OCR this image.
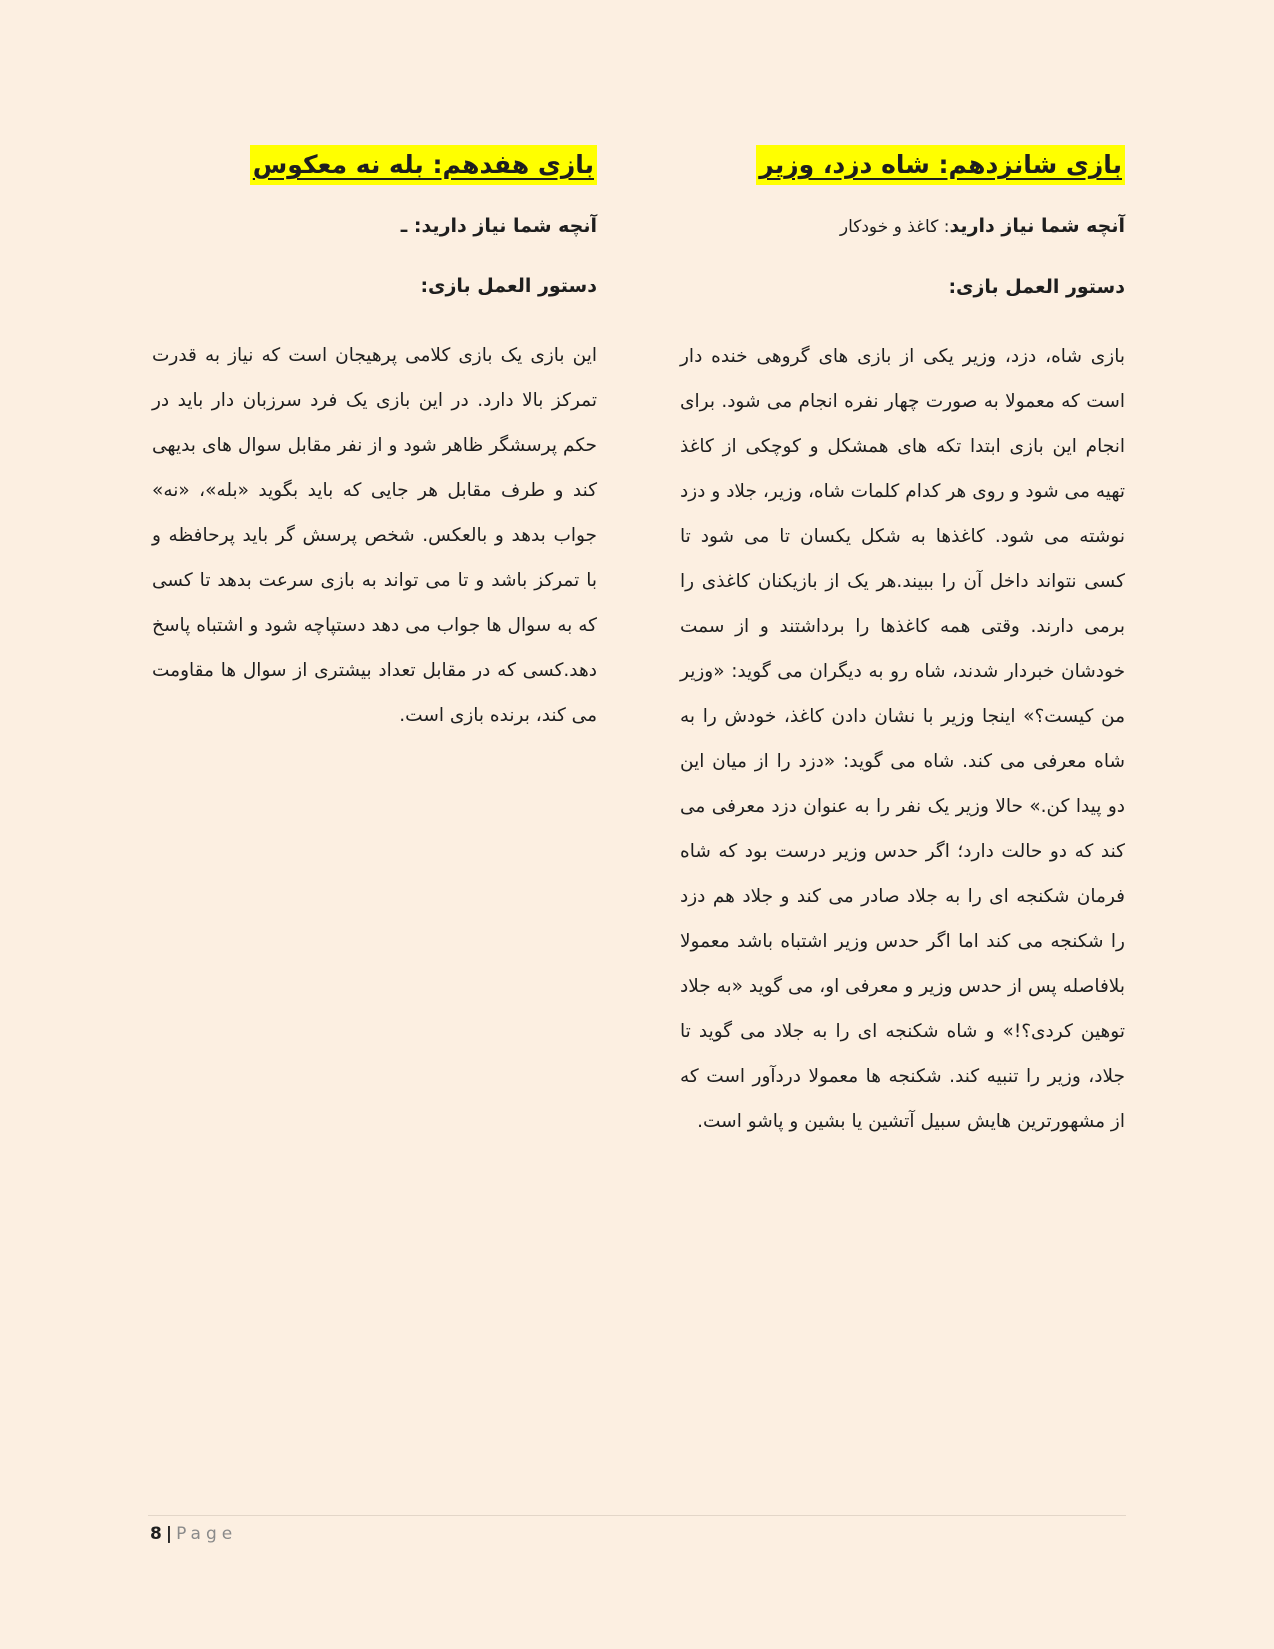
بازی شانزدهم: شاه دزد، وزیر
آنچه شما نیاز دارید: کاغذ و خودکار
دستور العمل بازی:

بازی شاه، دزد، وزیر یکی از بازی های گروهی خنده دار است که معمولا به صورت چهار نفره انجام می شود. برای انجام این بازی ابتدا تکه های همشکل و کوچکی از کاغذ تهیه می شود و روی هر کدام کلمات شاه، وزیر، جلاد و دزد نوشته می شود. کاغذها به شکل یکسان تا می شود تا کسی نتواند داخل آن را ببیند.هر یک از بازیکنان کاغذی را برمی دارند. وقتی همه کاغذها را برداشتند و از سمت خودشان خبردار شدند، شاه رو به دیگران می گوید: «وزیر من کیست؟» اینجا وزیر با نشان دادن کاغذ، خودش را به شاه معرفی می کند. شاه می گوید: «دزد را از میان این دو پیدا کن.» حالا وزیر یک نفر را به عنوان دزد معرفی می کند که دو حالت دارد؛ اگر حدس وزیر درست بود که شاه فرمان شکنجه ای را به جلاد صادر می کند و جلاد هم دزد را شکنجه می کند اما اگر حدس وزیر اشتباه باشد معمولا بلافاصله پس از حدس وزیر و معرفی او، می گوید «به جلاد توهین کردی؟!» و شاه شکنجه ای را به جلاد می گوید تا جلاد، وزیر را تنبیه کند. شکنجه ها معمولا دردآور است که از مشهورترین هایش سبیل آتشین یا بشین و پاشو است.

بازی هفدهم: بله نه معکوس
آنچه شما نیاز دارید: ـ
دستور العمل بازی:

این بازی یک بازی کلامی پرهیجان است که نیاز به قدرت تمرکز بالا دارد. در این بازی یک فرد سرزبان دار باید در حکم پرسشگر ظاهر شود و از نفر مقابل سوال های بدیهی کند و طرف مقابل هر جایی که باید بگوید «بله»، «نه» جواب بدهد و بالعکس. شخص پرسش گر باید پرحافظه و با تمرکز باشد و تا می تواند به بازی سرعت بدهد تا کسی که به سوال ها جواب می دهد دستپاچه شود و اشتباه پاسخ دهد.کسی که در مقابل تعداد بیشتری از سوال ها مقاومت می کند، برنده بازی است.

8 | Page
